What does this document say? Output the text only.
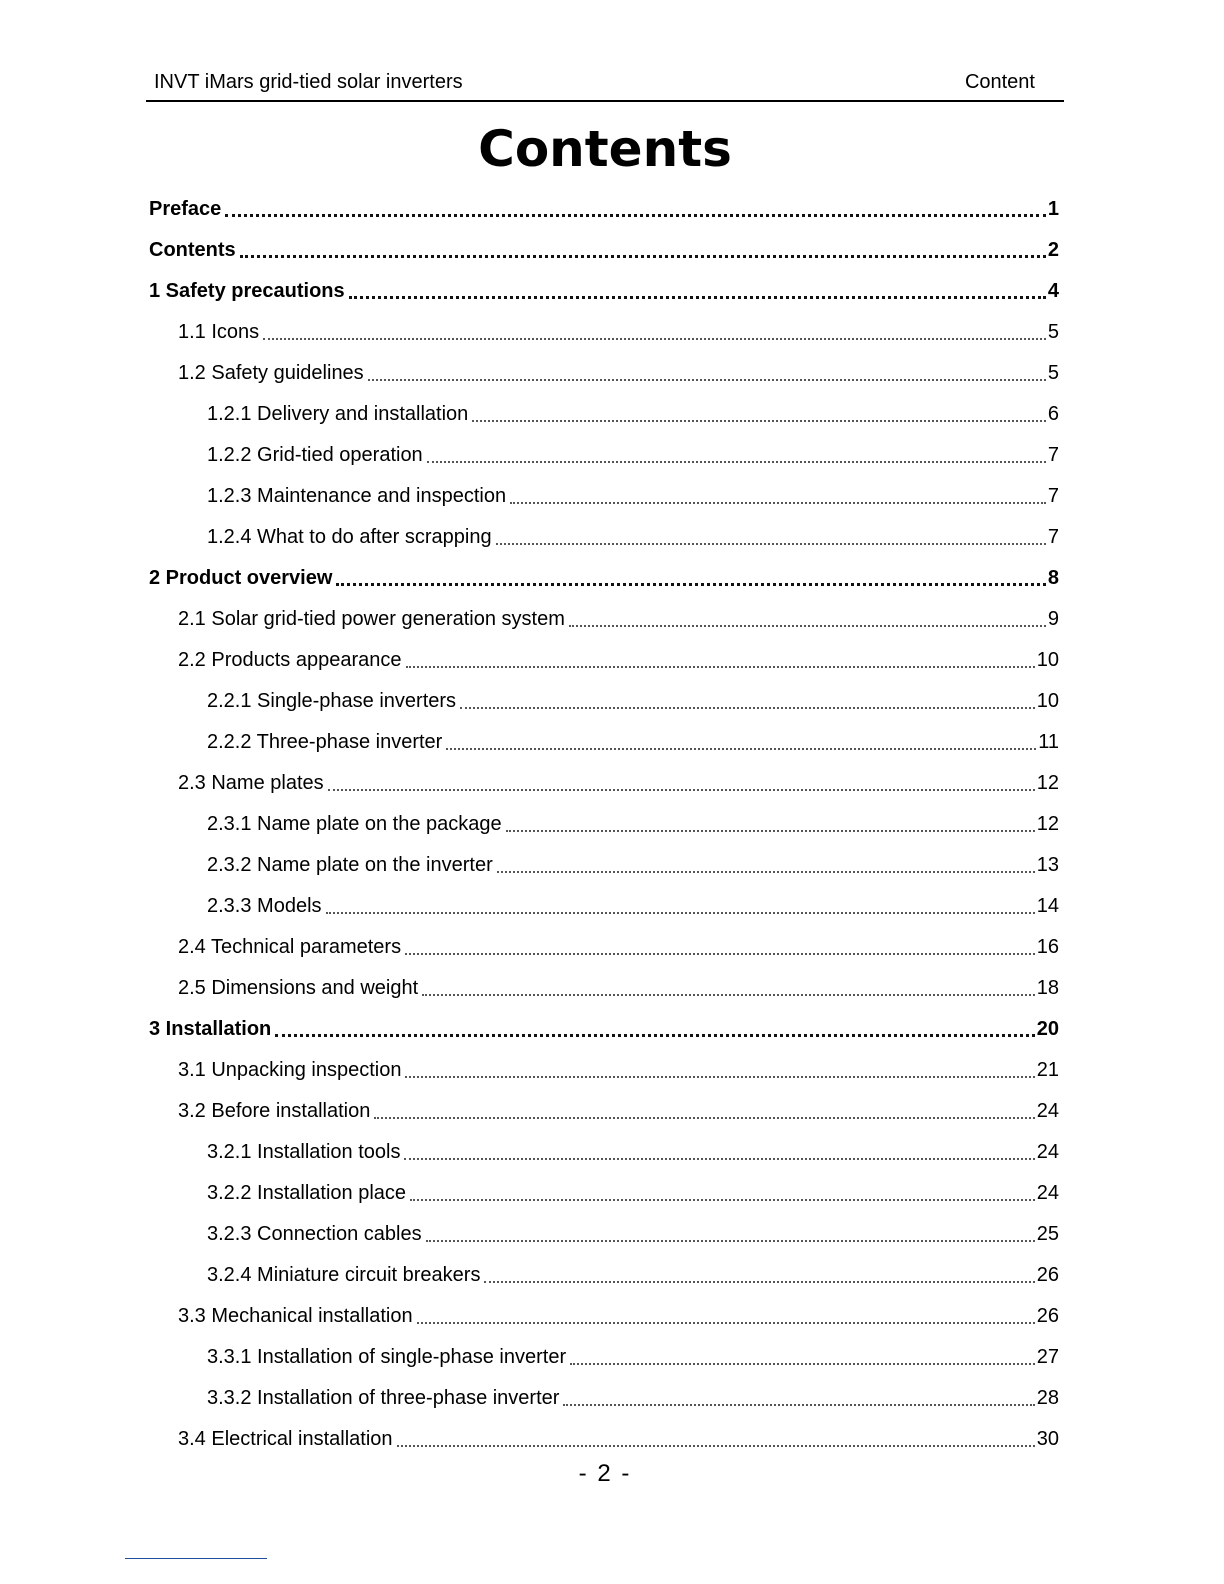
INVT iMars grid-tied solar inverters	Content
Contents
Preface	1
Contents	2
1 Safety precautions	4
1.1 Icons	5
1.2 Safety guidelines	5
1.2.1 Delivery and installation	6
1.2.2 Grid-tied operation	7
1.2.3 Maintenance and inspection	7
1.2.4 What to do after scrapping	7
2 Product overview	8
2.1 Solar grid-tied power generation system	9
2.2 Products appearance	10
2.2.1 Single-phase inverters	10
2.2.2 Three-phase inverter	11
2.3 Name plates	12
2.3.1 Name plate on the package	12
2.3.2 Name plate on the inverter	13
2.3.3 Models	14
2.4 Technical parameters	16
2.5 Dimensions and weight	18
3 Installation	20
3.1 Unpacking inspection	21
3.2 Before installation	24
3.2.1 Installation tools	24
3.2.2 Installation place	24
3.2.3 Connection cables	25
3.2.4 Miniature circuit breakers	26
3.3 Mechanical installation	26
3.3.1 Installation of single-phase inverter	27
3.3.2 Installation of three-phase inverter	28
3.4 Electrical installation	30
- 2 -
